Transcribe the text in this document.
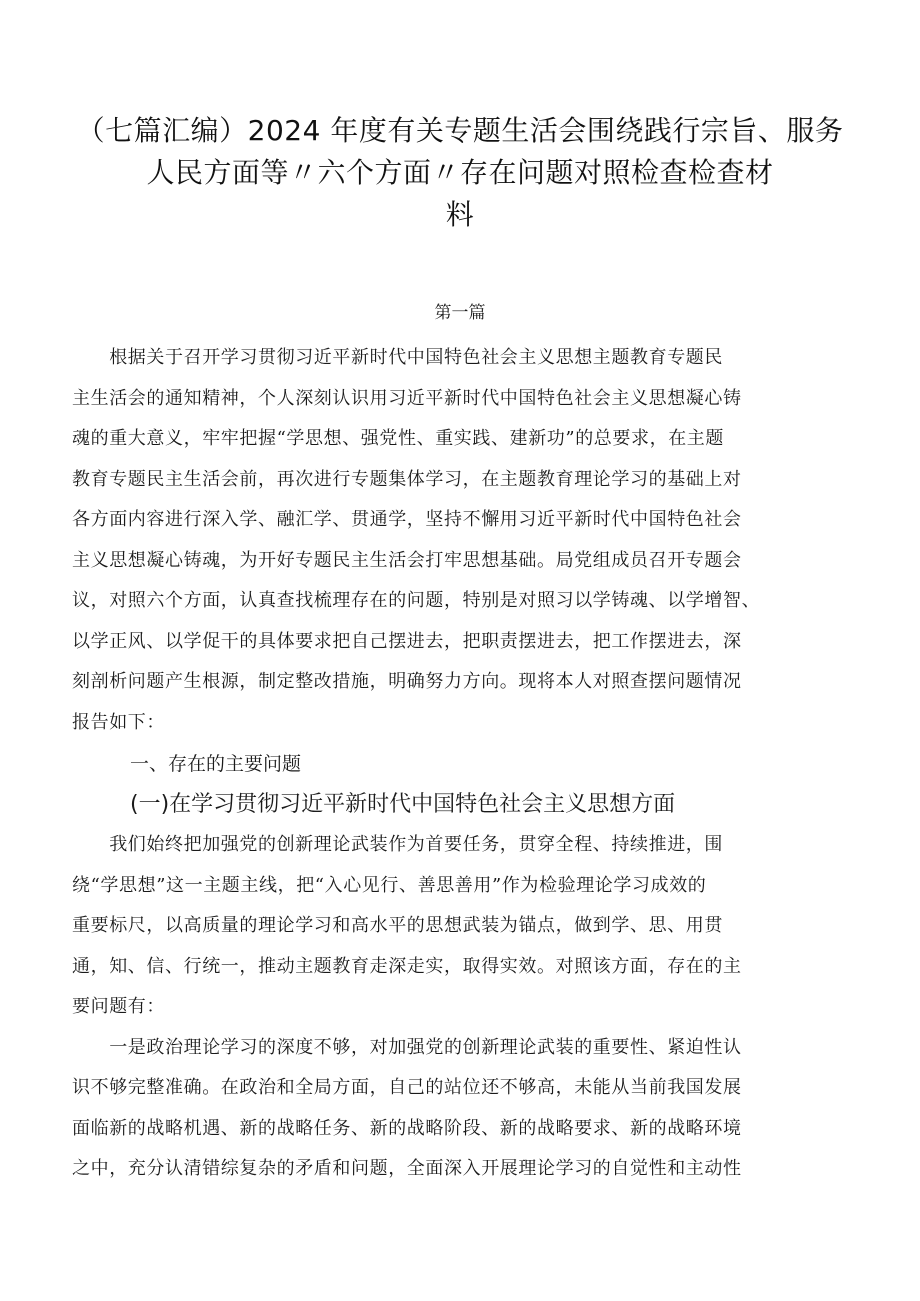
（七篇汇编）2024 年度有关专题生活会围绕践行宗旨、服务
人民方面等〃六个方面〃存在问题对照检查检查材
料
第一篇

　　根据关于召开学习贯彻习近平新时代中国特色社会主义思想主题教育专题民
主生活会的通知精神，个人深刻认识用习近平新时代中国特色社会主义思想凝心铸
魂的重大意义，牢牢把握“学思想、强党性、重实践、建新功”的总要求，在主题
教育专题民主生活会前，再次进行专题集体学习，在主题教育理论学习的基础上对
各方面内容进行深入学、融汇学、贯通学，坚持不懈用习近平新时代中国特色社会
主义思想凝心铸魂，为开好专题民主生活会打牢思想基础。局党组成员召开专题会
议，对照六个方面，认真查找梳理存在的问题，特别是对照习以学铸魂、以学增智、
以学正风、以学促干的具体要求把自己摆进去，把职责摆进去，把工作摆进去，深
刻剖析问题产生根源，制定整改措施，明确努力方向。现将本人对照查摆问题情况
报告如下：

一、存在的主要问题
(一)在学习贯彻习近平新时代中国特色社会主义思想方面

　　我们始终把加强党的创新理论武装作为首要任务，贯穿全程、持续推进，围
绕“学思想”这一主题主线，把“入心见行、善思善用”作为检验理论学习成效的
重要标尺，以高质量的理论学习和高水平的思想武装为锚点，做到学、思、用贯
通，知、信、行统一，推动主题教育走深走实，取得实效。对照该方面，存在的主
要问题有：

　　一是政治理论学习的深度不够，对加强党的创新理论武装的重要性、紧迫性认
识不够完整准确。在政治和全局方面，自己的站位还不够高，未能从当前我国发展
面临新的战略机遇、新的战略任务、新的战略阶段、新的战略要求、新的战略环境
之中，充分认清错综复杂的矛盾和问题，全面深入开展理论学习的自觉性和主动性
